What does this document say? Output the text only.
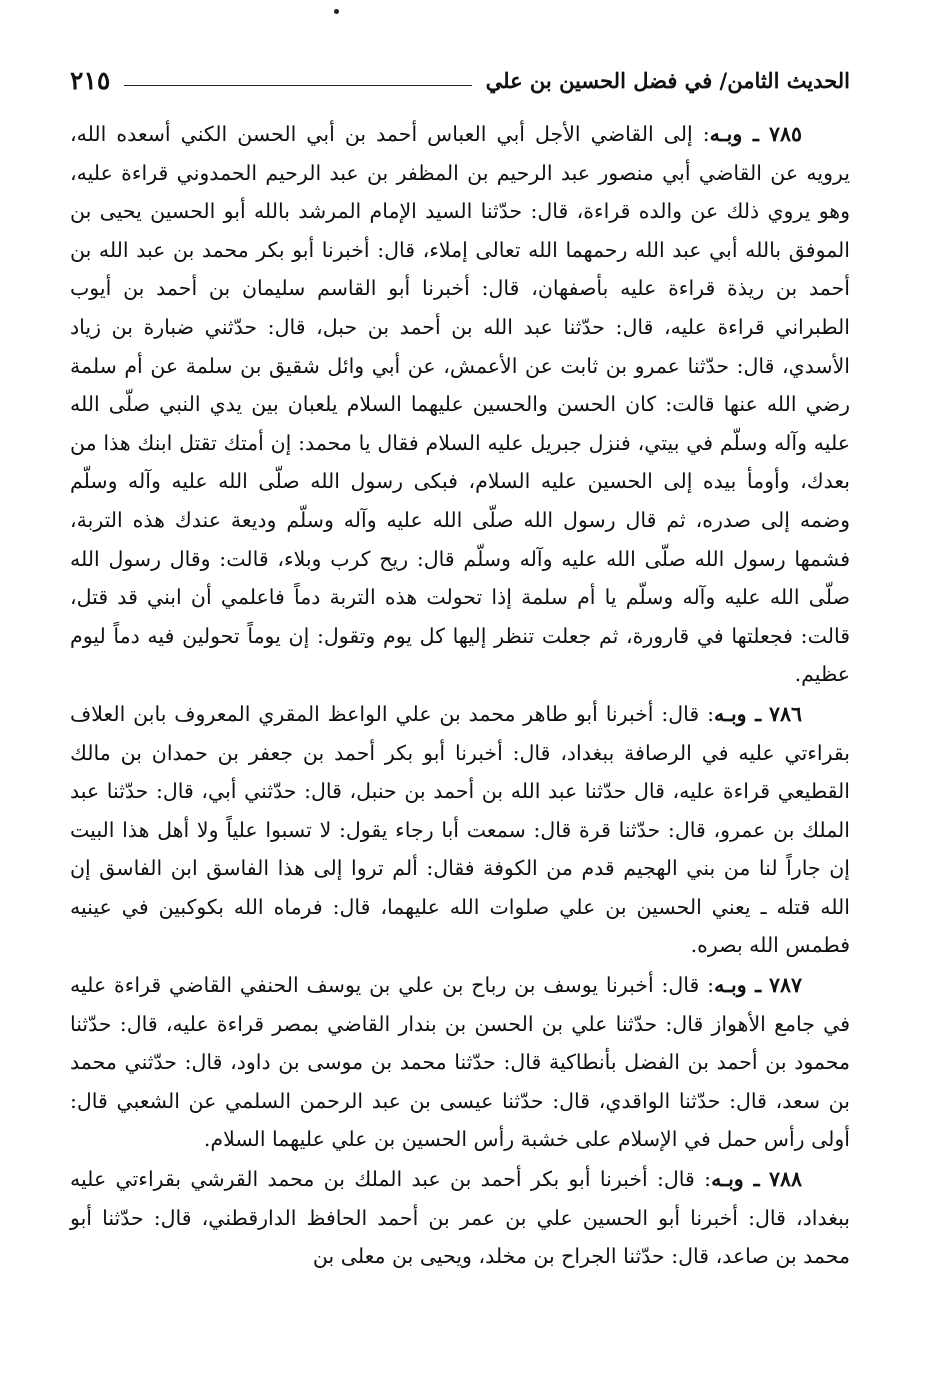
الحديث الثامن/ في فضل الحسين بن علي
٢١٥

٧٨٥ ـ وبـه: إلى القاضي الأجل أبي العباس أحمد بن أبي الحسن الكني أسعده الله، يرويه عن القاضي أبي منصور عبد الرحيم بن المظفر بن عبد الرحيم الحمدوني قراءة عليه، وهو يروي ذلك عن والده قراءة، قال: حدّثنا السيد الإمام المرشد بالله أبو الحسين يحيى بن الموفق بالله أبي عبد الله رحمهما الله تعالى إملاء، قال: أخبرنا أبو بكر محمد بن عبد الله بن أحمد بن ريذة قراءة عليه بأصفهان، قال: أخبرنا أبو القاسم سليمان بن أحمد بن أيوب الطبراني قراءة عليه، قال: حدّثنا عبد الله بن أحمد بن حبل، قال: حدّثني ضبارة بن زياد الأسدي، قال: حدّثنا عمرو بن ثابت عن الأعمش، عن أبي وائل شقيق بن سلمة عن أم سلمة رضي الله عنها قالت: كان الحسن والحسين عليهما السلام يلعبان بين يدي النبي صلّى الله عليه وآله وسلّم في بيتي، فنزل جبريل عليه السلام فقال يا محمد: إن أمتك تقتل ابنك هذا من بعدك، وأومأ بيده إلى الحسين عليه السلام، فبكى رسول الله صلّى الله عليه وآله وسلّم وضمه إلى صدره، ثم قال رسول الله صلّى الله عليه وآله وسلّم وديعة عندك هذه التربة، فشمها رسول الله صلّى الله عليه وآله وسلّم قال: ريح كرب وبلاء، قالت: وقال رسول الله صلّى الله عليه وآله وسلّم يا أم سلمة إذا تحولت هذه التربة دماً فاعلمي أن ابني قد قتل، قالت: فجعلتها في قارورة، ثم جعلت تنظر إليها كل يوم وتقول: إن يوماً تحولين فيه دماً ليوم عظيم.

٧٨٦ ـ وبـه: قال: أخبرنا أبو طاهر محمد بن علي الواعظ المقري المعروف بابن العلاف بقراءتي عليه في الرصافة ببغداد، قال: أخبرنا أبو بكر أحمد بن جعفر بن حمدان بن مالك القطيعي قراءة عليه، قال حدّثنا عبد الله بن أحمد بن حنبل، قال: حدّثني أبي، قال: حدّثنا عبد الملك بن عمرو، قال: حدّثنا قرة قال: سمعت أبا رجاء يقول: لا تسبوا علياً ولا أهل هذا البيت إن جاراً لنا من بني الهجيم قدم من الكوفة فقال: ألم تروا إلى هذا الفاسق ابن الفاسق إن الله قتله ـ يعني الحسين بن علي صلوات الله عليهما، قال: فرماه الله بكوكبين في عينيه فطمس الله بصره.

٧٨٧ ـ وبـه: قال: أخبرنا يوسف بن رباح بن علي بن يوسف الحنفي القاضي قراءة عليه في جامع الأهواز قال: حدّثنا علي بن الحسن بن بندار القاضي بمصر قراءة عليه، قال: حدّثنا محمود بن أحمد بن الفضل بأنطاكية قال: حدّثنا محمد بن موسى بن داود، قال: حدّثني محمد بن سعد، قال: حدّثنا الواقدي، قال: حدّثنا عيسى بن عبد الرحمن السلمي عن الشعبي قال: أولى رأس حمل في الإسلام على خشبة رأس الحسين بن علي عليهما السلام.

٧٨٨ ـ وبـه: قال: أخبرنا أبو بكر أحمد بن عبد الملك بن محمد القرشي بقراءتي عليه ببغداد، قال: أخبرنا أبو الحسين علي بن عمر بن أحمد الحافظ الدارقطني، قال: حدّثنا أبو محمد بن صاعد، قال: حدّثنا الجراح بن مخلد، ويحيى بن معلى بن
